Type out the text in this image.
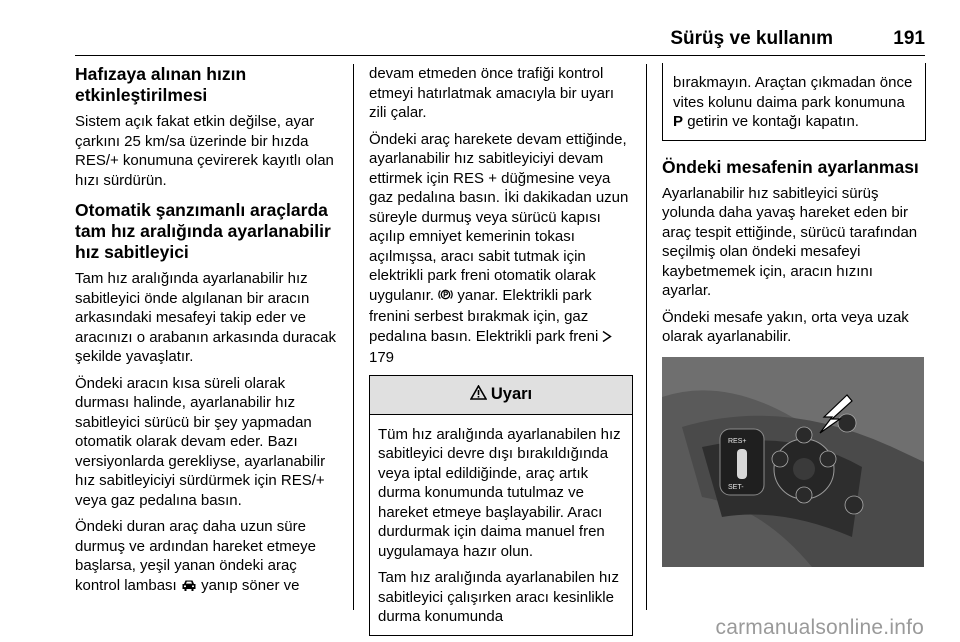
Sürüş ve kullanım	191
Hafızaya alınan hızın etkinleştirilmesi

Sistem açık fakat etkin değilse, ayar çarkını 25 km/sa üzerinde bir hızda RES/+ konumuna çevirerek kayıtlı olan hızı sürdürün.

Otomatik şanzımanlı araçlarda tam hız aralığında ayarlanabilir hız sabitleyici

Tam hız aralığında ayarlanabilir hız sabitleyici önde algılanan bir aracın arkasındaki mesafeyi takip eder ve aracınızı o arabanın arkasında duracak şekilde yavaşlatır.

Öndeki aracın kısa süreli olarak durması halinde, ayarlanabilir hız sabitleyici sürücü bir şey yapmadan otomatik olarak devam eder. Bazı versiyonlarda gerekliyse, ayarlanabilir hız sabitleyiciyi sürdürmek için RES/+ veya gaz pedalına basın.

Öndeki duran araç daha uzun süre durmuş ve ardından hareket etmeye başlarsa, yeşil yanan öndeki araç kontrol lambası yanıp söner ve

devam etmeden önce trafiği kontrol etmeyi hatırlatmak amacıyla bir uyarı zili çalar.

Öndeki araç harekete devam ettiğinde, ayarlanabilir hız sabitleyiciyi devam ettirmek için RES + düğmesine veya gaz pedalına basın. İki dakikadan uzun süreyle durmuş veya sürücü kapısı açılıp emniyet kemerinin tokası açılmışsa, aracı sabit tutmak için elektrikli park freni otomatik olarak uygulanır. yanar. Elektrikli park frenini serbest bırakmak için, gaz pedalına basın. Elektrikli park freni  179

Uyarı

Tüm hız aralığında ayarlanabilen hız sabitleyici devre dışı bırakıldığında veya iptal edildiğinde, araç artık durma konumunda tutulmaz ve hareket etmeye başlayabilir. Aracı durdurmak için daima manuel fren uygulamaya hazır olun.

Tam hız aralığında ayarlanabilen hız sabitleyici çalışırken aracı kesinlikle durma konumunda

bırakmayın. Araçtan çıkmadan önce vites kolunu daima park konumuna P getirin ve kontağı kapatın.

Öndeki mesafenin ayarlanması

Ayarlanabilir hız sabitleyici sürüş yolunda daha yavaş hareket eden bir araç tespit ettiğinde, sürücü tarafından seçilmiş olan öndeki mesafeyi kaybetmemek için, aracın hızını ayarlar.

Öndeki mesafe yakın, orta veya uzak olarak ayarlanabilir.

RES+
SET-
carmanualsonline.info
